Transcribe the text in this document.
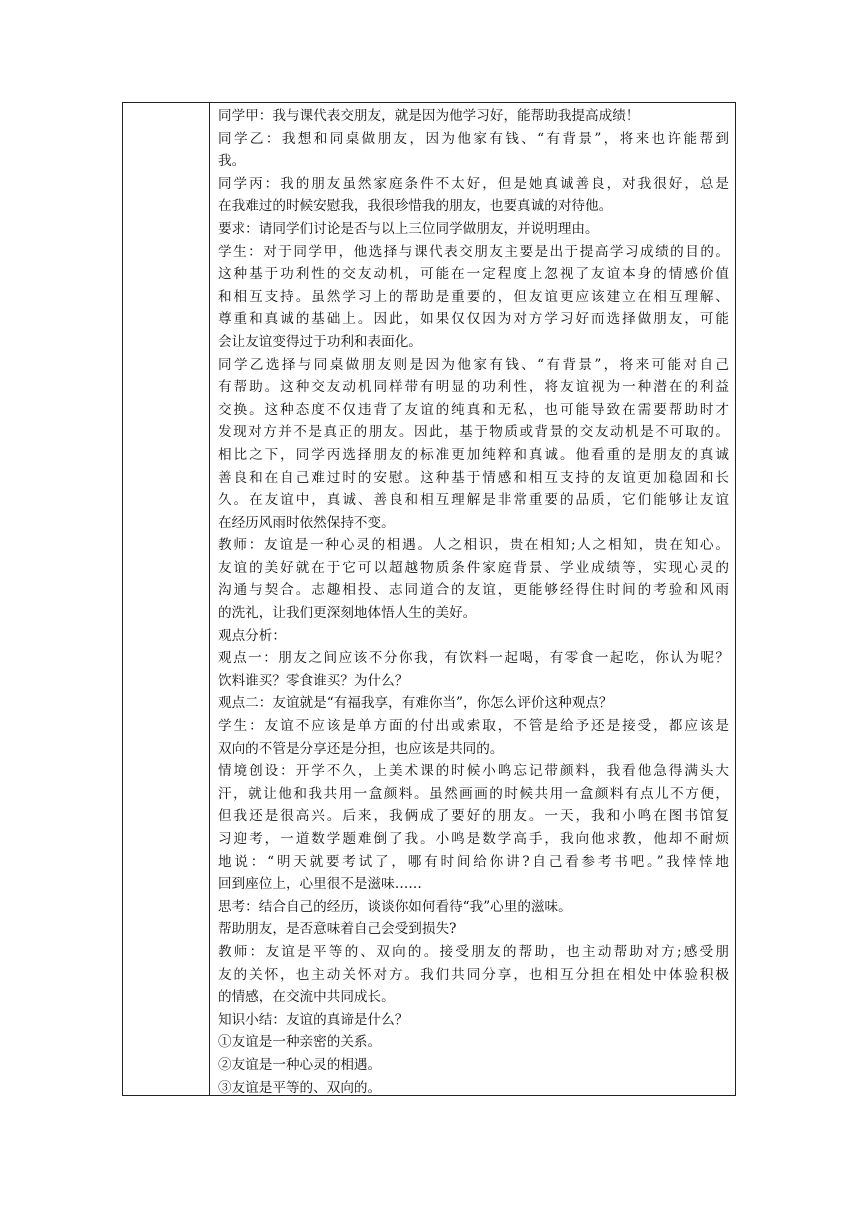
同学甲：我与课代表交朋友，就是因为他学习好，能帮助我提高成绩！
同学乙：我想和同桌做朋友，因为他家有钱、“有背景”，将来也许能帮到
我。
同学丙：我的朋友虽然家庭条件不太好，但是她真诚善良，对我很好，总是
在我难过的时候安慰我，我很珍惜我的朋友，也要真诚的对待他。
要求：请同学们讨论是否与以上三位同学做朋友，并说明理由。
学生：对于同学甲，他选择与课代表交朋友主要是出于提高学习成绩的目的。
这种基于功利性的交友动机，可能在一定程度上忽视了友谊本身的情感价值
和相互支持。虽然学习上的帮助是重要的，但友谊更应该建立在相互理解、
尊重和真诚的基础上。因此，如果仅仅因为对方学习好而选择做朋友，可能
会让友谊变得过于功利和表面化。
同学乙选择与同桌做朋友则是因为他家有钱、“有背景”，将来可能对自己
有帮助。这种交友动机同样带有明显的功利性，将友谊视为一种潜在的利益
交换。这种态度不仅违背了友谊的纯真和无私，也可能导致在需要帮助时才
发现对方并不是真正的朋友。因此，基于物质或背景的交友动机是不可取的。
相比之下，同学丙选择朋友的标准更加纯粹和真诚。他看重的是朋友的真诚
善良和在自己难过时的安慰。这种基于情感和相互支持的友谊更加稳固和长
久。在友谊中，真诚、善良和相互理解是非常重要的品质，它们能够让友谊
在经历风雨时依然保持不变。
教师：友谊是一种心灵的相遇。人之相识，贵在相知;人之相知，贵在知心。
友谊的美好就在于它可以超越物质条件家庭背景、学业成绩等，实现心灵的
沟通与契合。志趣相投、志同道合的友谊，更能够经得住时间的考验和风雨
的洗礼，让我们更深刻地体悟人生的美好。
观点分析：
观点一：朋友之间应该不分你我，有饮料一起喝，有零食一起吃，你认为呢？
饮料谁买？零食谁买？为什么？
观点二：友谊就是“有福我享，有难你当”，你怎么评价这种观点？
学生：友谊不应该是单方面的付出或索取，不管是给予还是接受，都应该是
双向的不管是分享还是分担，也应该是共同的。
情境创设：开学不久，上美术课的时候小鸣忘记带颜料，我看他急得满头大
汗，就让他和我共用一盒颜料。虽然画画的时候共用一盒颜料有点儿不方便，
但我还是很高兴。后来，我俩成了要好的朋友。一天，我和小鸣在图书馆复
习迎考，一道数学题难倒了我。小鸣是数学高手，我向他求教，他却不耐烦
地说：“明天就要考试了，哪有时间给你讲?自己看参考书吧。”我悻悻地
回到座位上，心里很不是滋味……
思考：结合自己的经历，谈谈你如何看待“我”心里的滋味。
帮助朋友，是否意味着自己会受到损失?
教师：友谊是平等的、双向的。接受朋友的帮助，也主动帮助对方;感受朋
友的关怀，也主动关怀对方。我们共同分享，也相互分担在相处中体验积极
的情感，在交流中共同成长。
知识小结：友谊的真谛是什么？
①友谊是一种亲密的关系。
②友谊是一种心灵的相遇。
③友谊是平等的、双向的。
